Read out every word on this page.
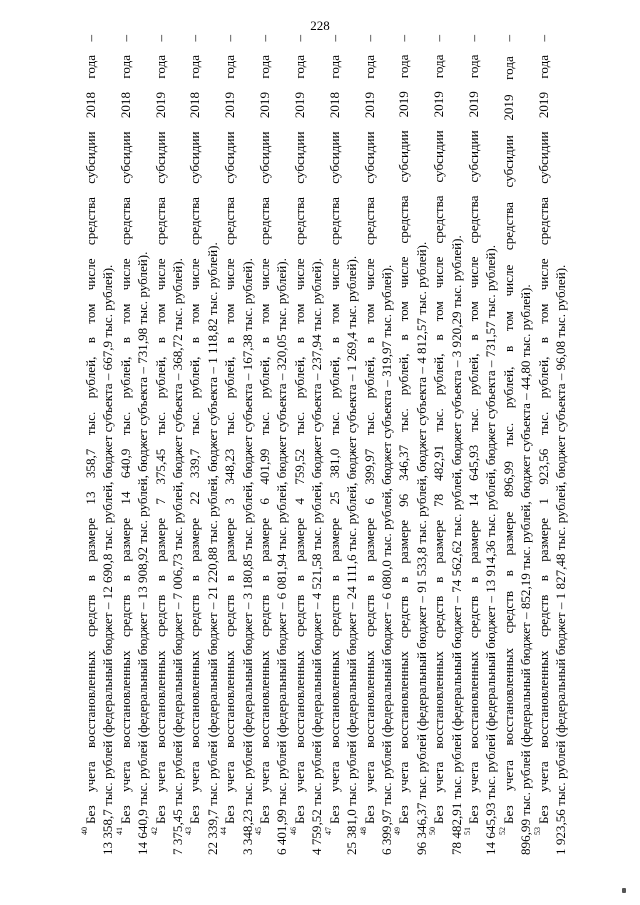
228
$^{40}$Без учета восстановленных средств в размере 13 358,7 тыс. рублей, в том числе средства субсидии 2018 года – 13 358,7 тыс. рублей (федеральный бюджет – 12 690,8 тыс. рублей, бюджет субъекта – 667,9 тыс. рублей). $^{41}$Без учета восстановленных средств в размере 14 640,9 тыс. рублей, в том числе средства субсидии 2018 года – 14 640,9 тыс. рублей (федеральный бюджет – 13 908,92 тыс. рублей, бюджет субъекта – 731,98 тыс. рублей). $^{42}$Без учета восстановленных средств в размере 7 375,45 тыс. рублей, в том числе средства субсидии 2019 года – 7 375,45 тыс. рублей (федеральный бюджет – 7 006,73 тыс. рублей, бюджет субъекта – 368,72 тыс. рублей). $^{43}$Без учета восстановленных средств в размере 22 339,7 тыс. рублей, в том числе средства субсидии 2018 года – 22 339,7 тыс. рублей (федеральный бюджет – 21 220,88 тыс. рублей, бюджет субъекта – 1 118,82 тыс. рублей). $^{44}$Без учета восстановленных средств в размере 3 348,23 тыс. рублей, в том числе средства субсидии 2019 года – 3 348,23 тыс. рублей (федеральный бюджет – 3 180,85 тыс. рублей, бюджет субъекта – 167,38 тыс. рублей). $^{45}$Без учета восстановленных средств в размере 6 401,99 тыс. рублей, в том числе средства субсидии 2019 года – 6 401,99 тыс. рублей (федеральный бюджет – 6 081,94 тыс. рублей, бюджет субъекта – 320,05 тыс. рублей). $^{46}$Без учета восстановленных средств в размере 4 759,52 тыс. рублей, в том числе средства субсидии 2019 года – 4 759,52 тыс. рублей (федеральный бюджет – 4 521,58 тыс. рублей, бюджет субъекта – 237,94 тыс. рублей). $^{47}$Без учета восстановленных средств в размере 25 381,0 тыс. рублей, в том числе средства субсидии 2018 года – 25 381,0 тыс. рублей (федеральный бюджет – 24 111,6 тыс. рублей, бюджет субъекта – 1 269,4 тыс. рублей). $^{48}$Без учета восстановленных средств в размере 6 399,97 тыс. рублей, в том числе средства субсидии 2019 года – 6 399,97 тыс. рублей (федеральный бюджет – 6 080,0 тыс. рублей, бюджет субъекта – 319,97 тыс. рублей). $^{49}$Без учета восстановленных средств в размере 96 346,37 тыс. рублей, в том числе средства субсидии 2019 года – 96 346,37 тыс. рублей (федеральный бюджет – 91 533,8 тыс. рублей, бюджет субъекта – 4 812,57 тыс. рублей). $^{50}$Без учета восстановленных средств в размере 78 482,91 тыс. рублей, в том числе средства субсидии 2019 года – 78 482,91 тыс. рублей (федеральный бюджет – 74 562,62 тыс. рублей, бюджет субъекта – 3 920,29 тыс. рублей). $^{51}$Без учета восстановленных средств в размере 14 645,93 тыс. рублей, в том числе средства субсидии 2019 года – 14 645,93 тыс. рублей (федеральный бюджет – 13 914,36 тыс. рублей, бюджет субъекта – 731,57 тыс. рублей). $^{52}$Без учета восстановленных средств в размере 896,99 тыс. рублей, в том числе средства субсидии 2019 года – 896,99 тыс. рублей (федеральный бюджет – 852,19 тыс. рублей, бюджет субъекта – 44,80 тыс. рублей). $^{53}$Без учета восстановленных средств в размере 1 923,56 тыс. рублей, в том числе средства субсидии 2019 года – 1 923,56 тыс. рублей (федеральный бюджет – 1 827,48 тыс. рублей, бюджет субъекта – 96,08 тыс. рублей).
